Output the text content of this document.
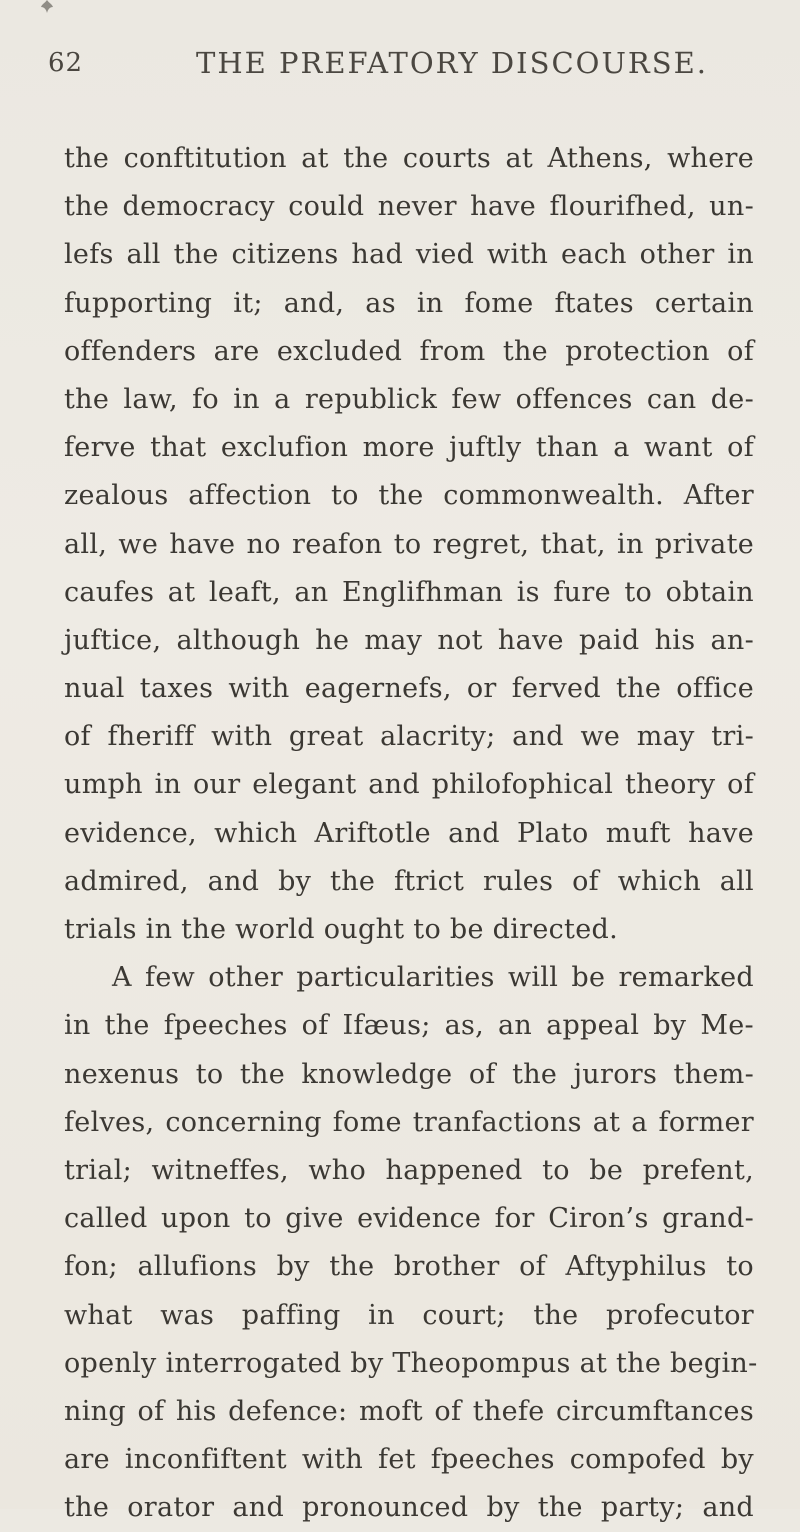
62	THE PREFATORY DISCOURSE.
the conftitution at the courts at Athens, where
the democracy could never have flourifhed, un-
lefs all the citizens had vied with each other in
fupporting it; and, as in fome ftates certain
offenders are excluded from the protection of
the law, fo in a republick few offences can de-
ferve that exclufion more juftly than a want of
zealous affection to the commonwealth. After
all, we have no reafon to regret, that, in private
caufes at leaft, an Englifhman is fure to obtain
juftice, although he may not have paid his an-
nual taxes with eagernefs, or ferved the office
of fheriff with great alacrity; and we may tri-
umph in our elegant and philofophical theory of
evidence, which Ariftotle and Plato muft have
admired, and by the ftrict rules of which all
trials in the world ought to be directed.
A few other particularities will be remarked
in the fpeeches of Ifæus; as, an appeal by Me-
nexenus to the knowledge of the jurors them-
felves, concerning fome tranfactions at a former
trial; witneffes, who happened to be prefent,
called upon to give evidence for Ciron’s grand-
fon; allufions by the brother of Aftyphilus to
what was paffing in court; the profecutor
openly interrogated by Theopompus at the begin-
ning of his defence: moft of thefe circumftances
are inconfiftent with fet fpeeches compofed by
the orator and pronounced by the party; and
